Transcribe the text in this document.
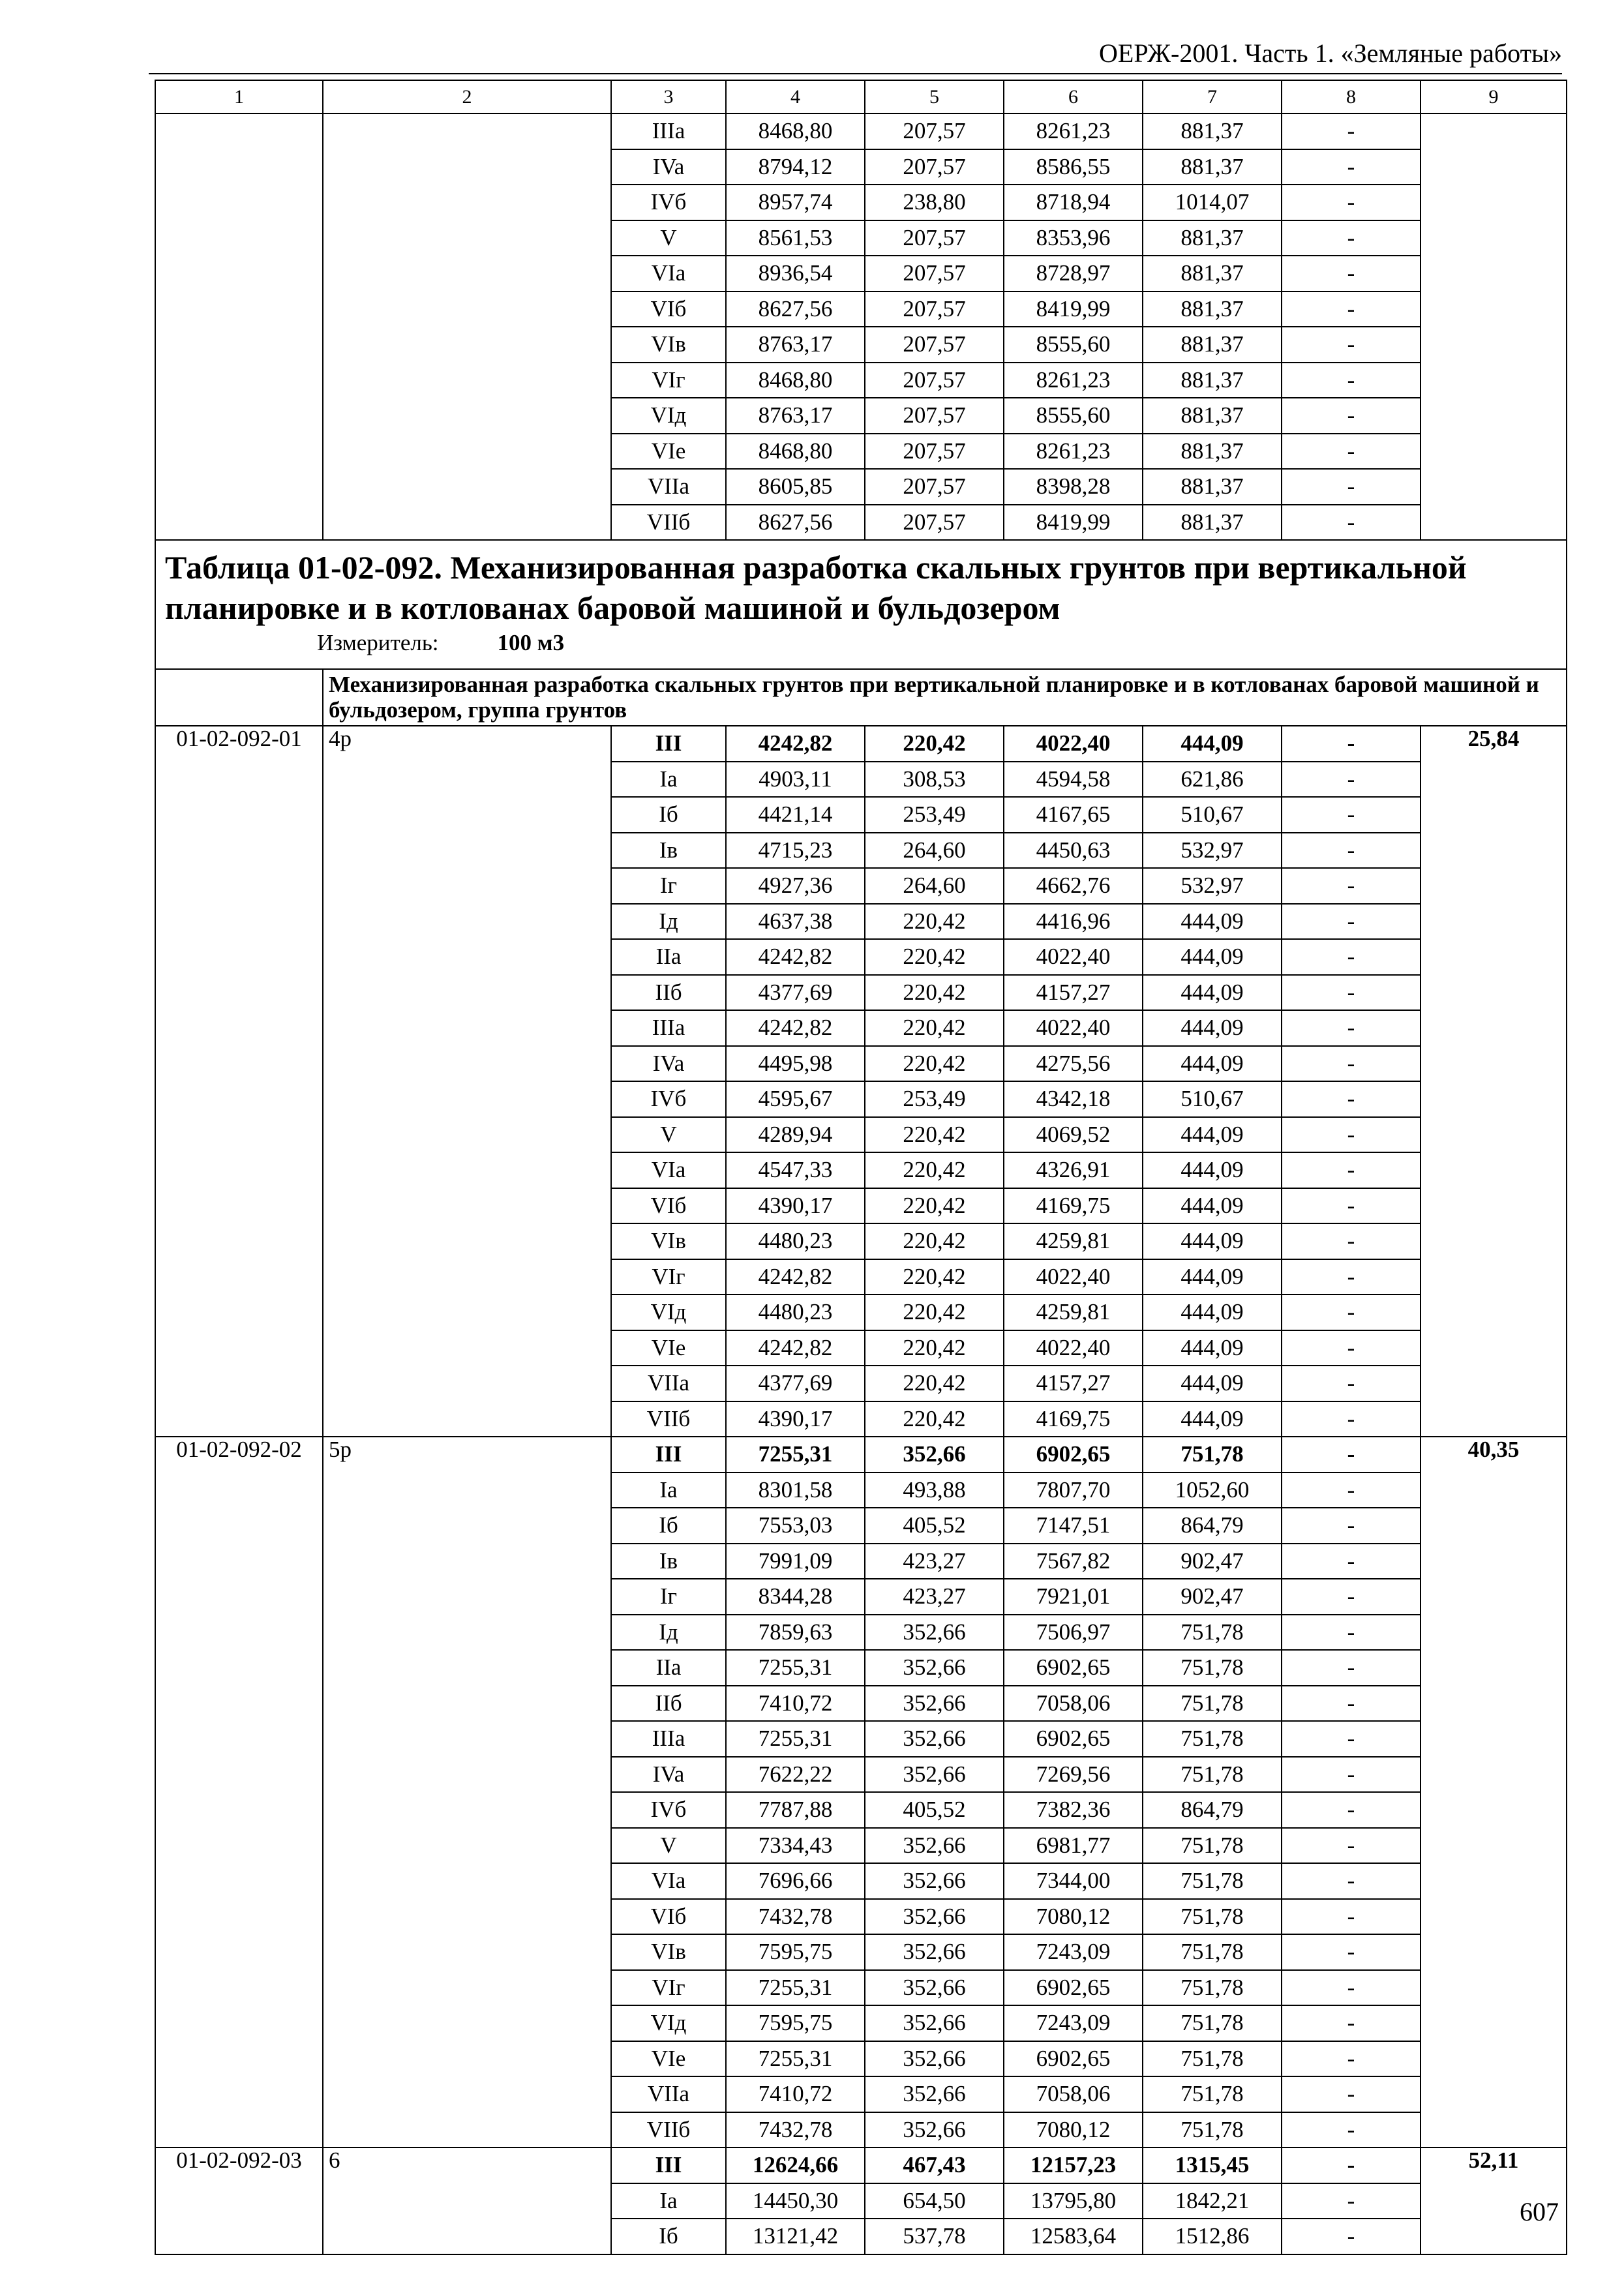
ОЕРЖ-2001. Часть 1. «Земляные работы»
1	2	3	4	5	6	7	8	9
		IIIa	8468,80	207,57	8261,23	881,37	-	
		IVa	8794,12	207,57	8586,55	881,37	-	
		IVб	8957,74	238,80	8718,94	1014,07	-	
		V	8561,53	207,57	8353,96	881,37	-	
		VIa	8936,54	207,57	8728,97	881,37	-	
		VIб	8627,56	207,57	8419,99	881,37	-	
		VIв	8763,17	207,57	8555,60	881,37	-	
		VIг	8468,80	207,57	8261,23	881,37	-	
		VIд	8763,17	207,57	8555,60	881,37	-	
		VIe	8468,80	207,57	8261,23	881,37	-	
		VIIa	8605,85	207,57	8398,28	881,37	-	
		VIIб	8627,56	207,57	8419,99	881,37	-	

Таблица 01-02-092. Механизированная разработка скальных грунтов при вертикальной планировке и в котлованах баровой машиной и бульдозером
Измеритель: 100 м3								

	Механизированная разработка скальных грунтов при вертикальной планировке и в котлованах баровой машиной и бульдозером, группа грунтов							
01-02-092-01	4р	III	4242,82	220,42	4022,40	444,09	-	25,84
		Ia	4903,11	308,53	4594,58	621,86	-	
		Iб	4421,14	253,49	4167,65	510,67	-	
		Iв	4715,23	264,60	4450,63	532,97	-	
		Iг	4927,36	264,60	4662,76	532,97	-	
		Iд	4637,38	220,42	4416,96	444,09	-	
		IIa	4242,82	220,42	4022,40	444,09	-	
		IIб	4377,69	220,42	4157,27	444,09	-	
		IIIa	4242,82	220,42	4022,40	444,09	-	
		IVa	4495,98	220,42	4275,56	444,09	-	
		IVб	4595,67	253,49	4342,18	510,67	-	
		V	4289,94	220,42	4069,52	444,09	-	
		VIa	4547,33	220,42	4326,91	444,09	-	
		VIб	4390,17	220,42	4169,75	444,09	-	
		VIв	4480,23	220,42	4259,81	444,09	-	
		VIг	4242,82	220,42	4022,40	444,09	-	
		VIд	4480,23	220,42	4259,81	444,09	-	
		VIe	4242,82	220,42	4022,40	444,09	-	
		VIIa	4377,69	220,42	4157,27	444,09	-	
		VIIб	4390,17	220,42	4169,75	444,09	-	
01-02-092-02	5р	III	7255,31	352,66	6902,65	751,78	-	40,35
		Ia	8301,58	493,88	7807,70	1052,60	-	
		Iб	7553,03	405,52	7147,51	864,79	-	
		Iв	7991,09	423,27	7567,82	902,47	-	
		Iг	8344,28	423,27	7921,01	902,47	-	
		Iд	7859,63	352,66	7506,97	751,78	-	
		IIa	7255,31	352,66	6902,65	751,78	-	
		IIб	7410,72	352,66	7058,06	751,78	-	
		IIIa	7255,31	352,66	6902,65	751,78	-	
		IVa	7622,22	352,66	7269,56	751,78	-	
		IVб	7787,88	405,52	7382,36	864,79	-	
		V	7334,43	352,66	6981,77	751,78	-	
		VIa	7696,66	352,66	7344,00	751,78	-	
		VIб	7432,78	352,66	7080,12	751,78	-	
		VIв	7595,75	352,66	7243,09	751,78	-	
		VIг	7255,31	352,66	6902,65	751,78	-	
		VIд	7595,75	352,66	7243,09	751,78	-	
		VIe	7255,31	352,66	6902,65	751,78	-	
		VIIa	7410,72	352,66	7058,06	751,78	-	
		VIIб	7432,78	352,66	7080,12	751,78	-	
01-02-092-03	6	III	12624,66	467,43	12157,23	1315,45	-	52,11
		Ia	14450,30	654,50	13795,80	1842,21	-	
		Iб	13121,42	537,78	12583,64	1512,86	-	
607
